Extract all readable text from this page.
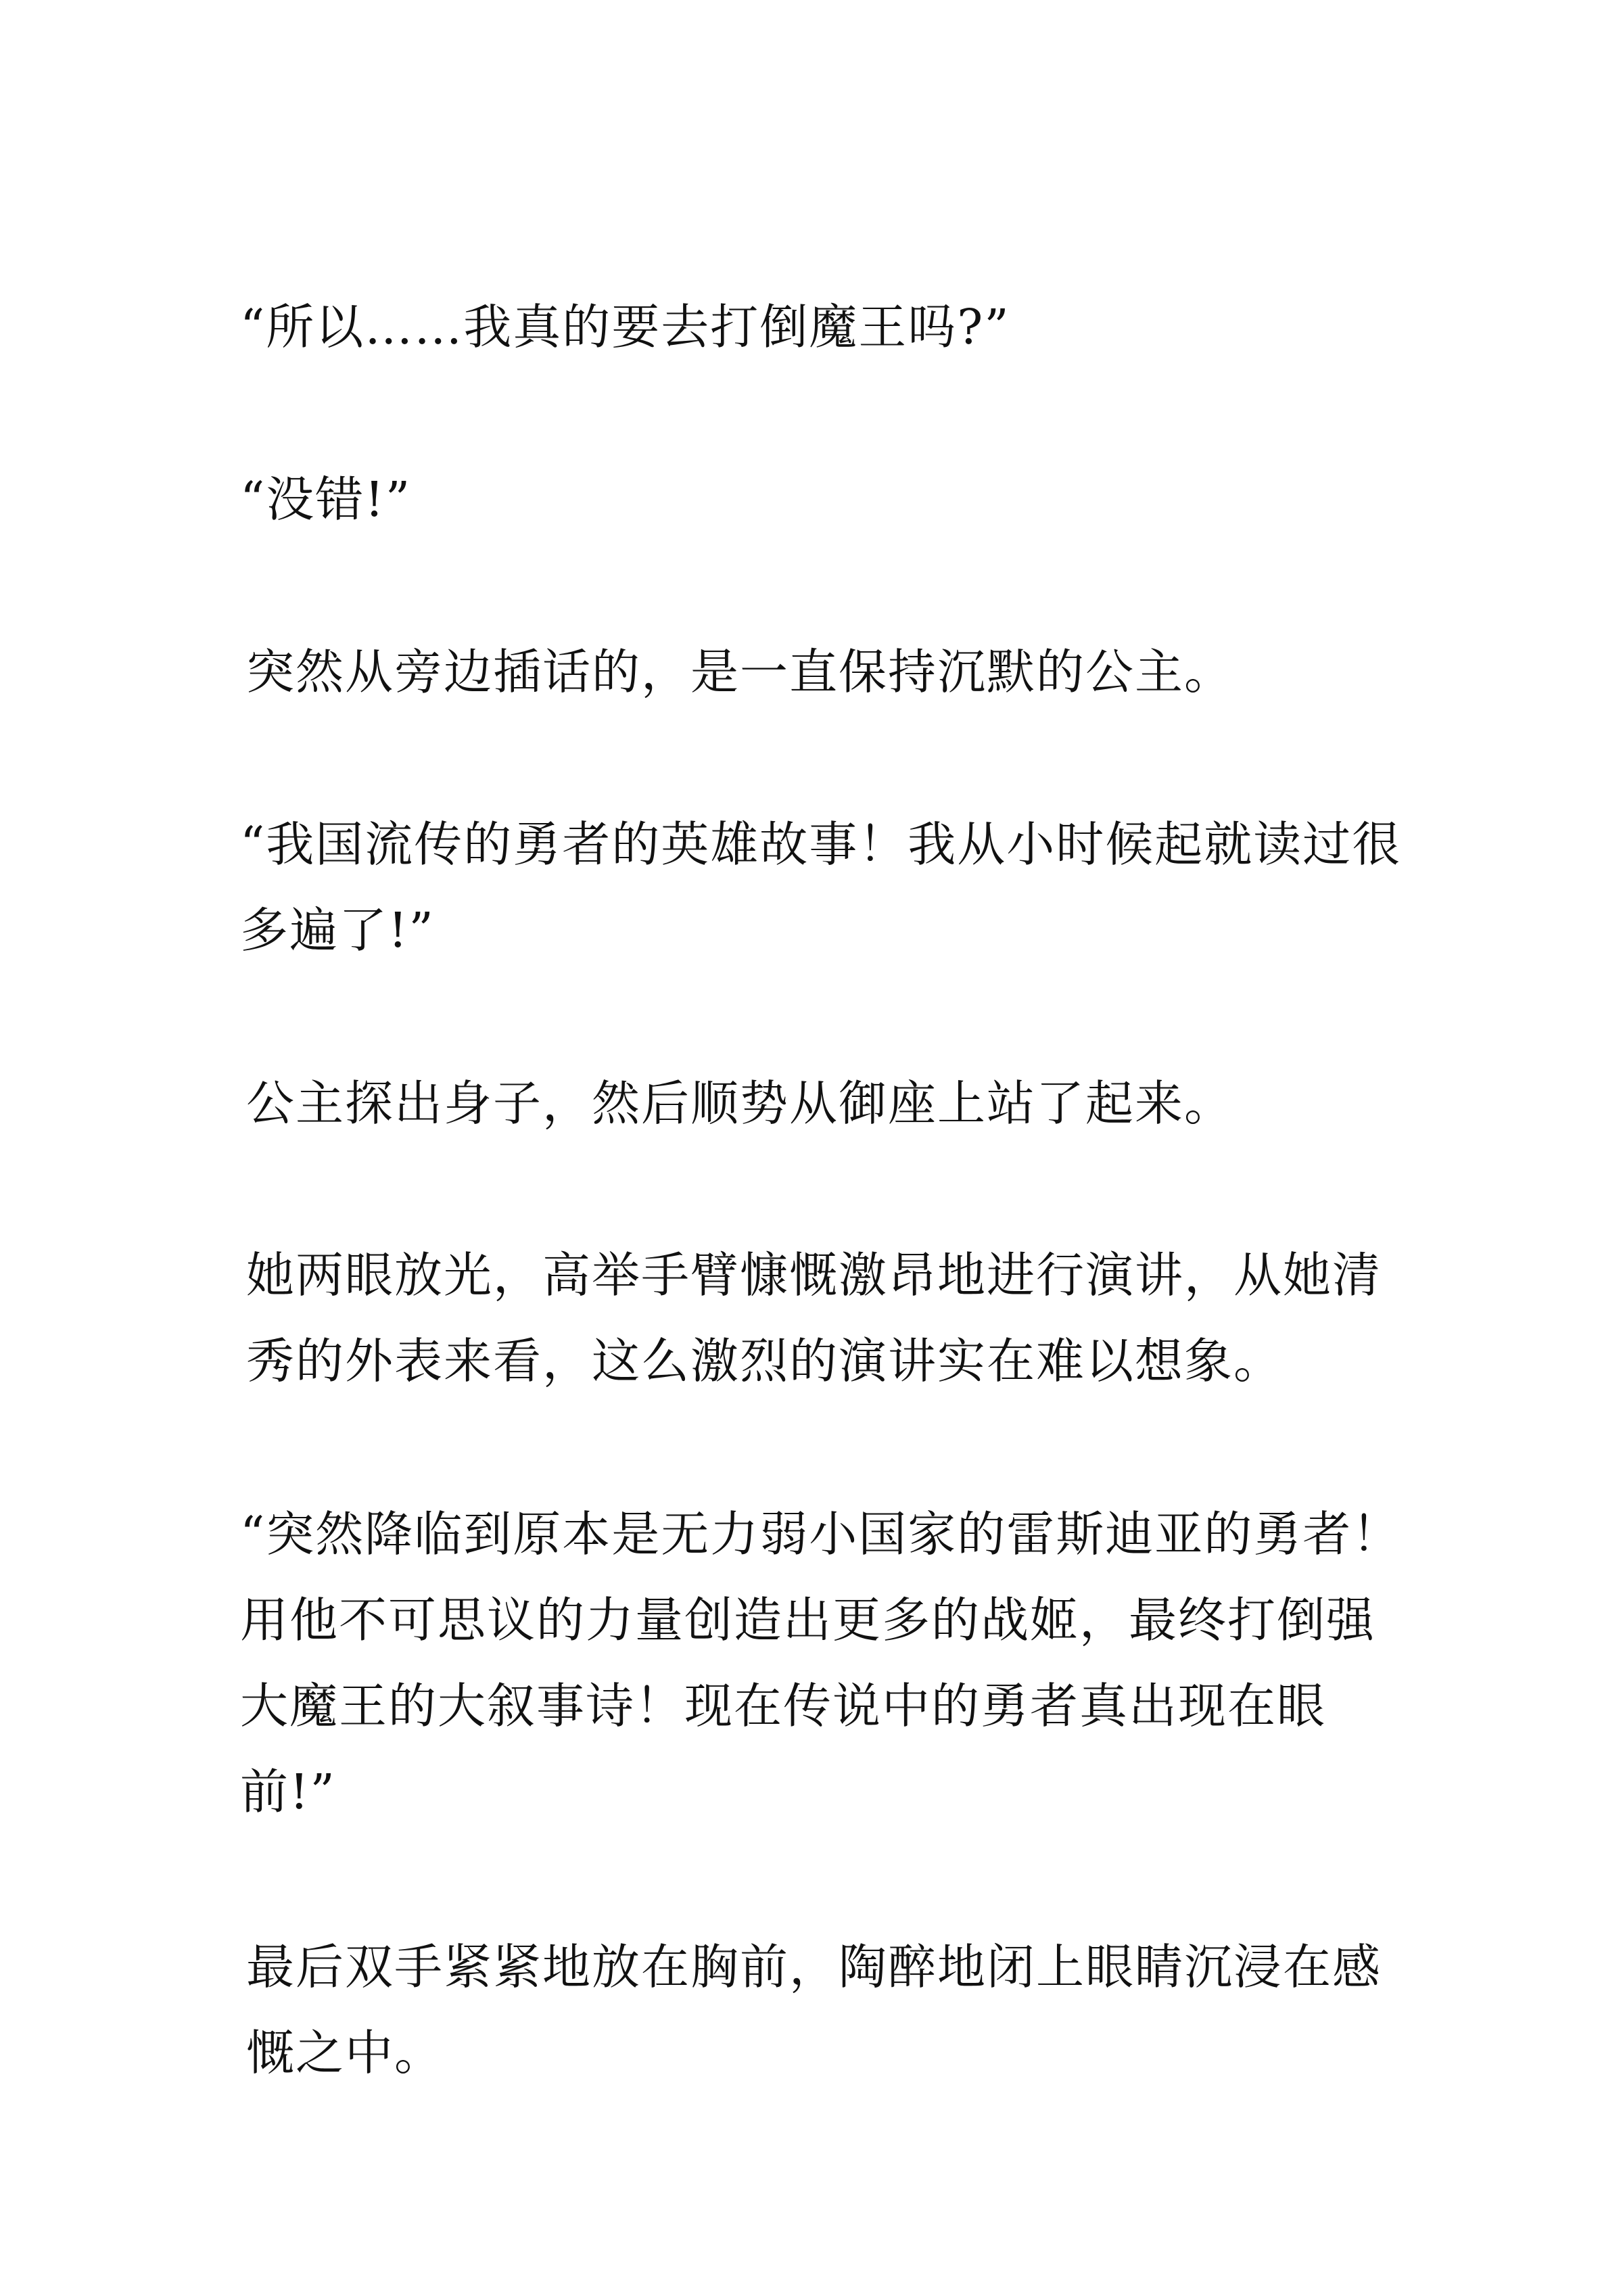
“所以……我真的要去打倒魔王吗?”

“没错!”

突然从旁边插话的，是一直保持沉默的公主。

“我国流传的勇者的英雄故事！我从小时候起就读过很多遍了!”

公主探出身子，然后顺势从御座上站了起来。

她两眼放光，高举手臂慷慨激昂地进行演讲，从她清秀的外表来看，这么激烈的演讲实在难以想象。

“突然降临到原本是无力弱小国家的雷斯迪亚的勇者！用他不可思议的力量创造出更多的战姬，最终打倒强大魔王的大叙事诗！现在传说中的勇者真出现在眼前!”

最后双手紧紧地放在胸前，陶醉地闭上眼睛沉浸在感慨之中。
